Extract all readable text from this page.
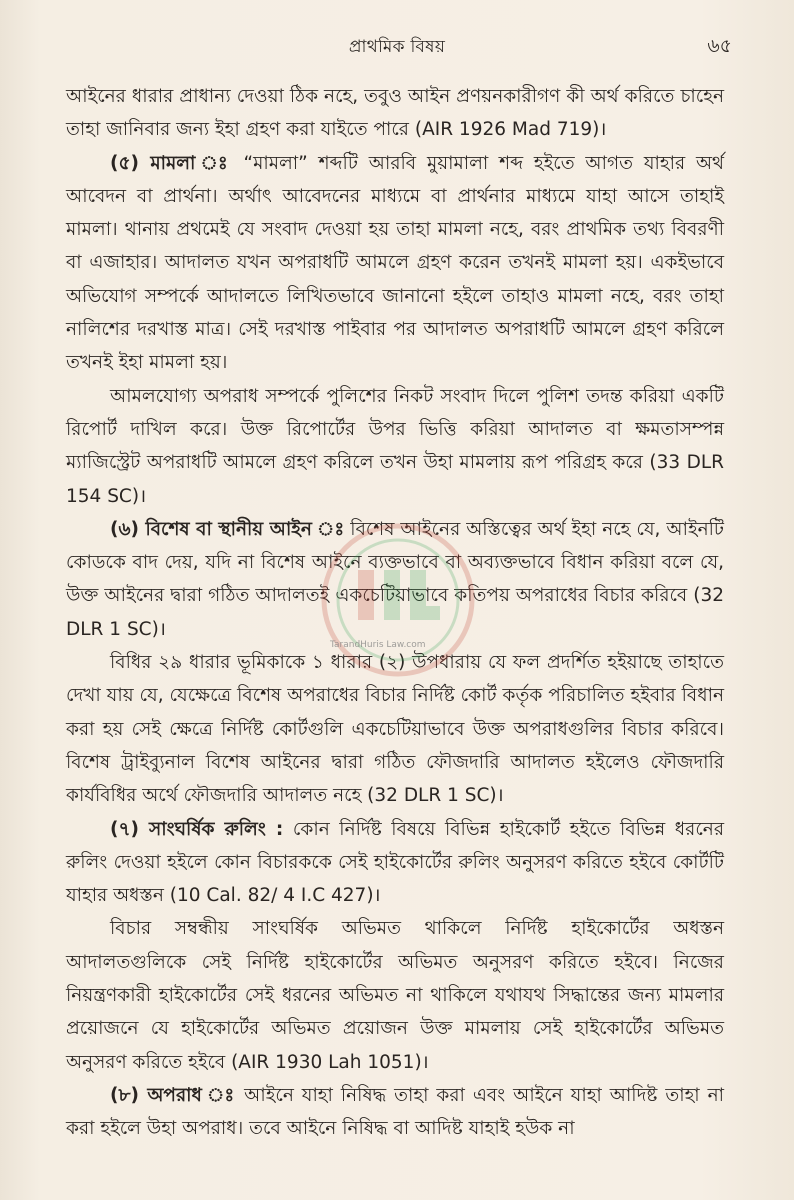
প্রাথমিক বিষয়	৬৫

আইনের ধারার প্রাধান্য দেওয়া ঠিক নহে, তবুও আইন প্রণয়নকারীগণ কী অর্থ করিতে চাহেন তাহা জানিবার জন্য ইহা গ্রহণ করা যাইতে পারে (AIR 1926 Mad 719)।

(৫) মামলা ঃ “মামলা” শব্দটি আরবি মুয়ামালা শব্দ হইতে আগত যাহার অর্থ আবেদন বা প্রার্থনা। অর্থাৎ আবেদনের মাধ্যমে বা প্রার্থনার মাধ্যমে যাহা আসে তাহাই মামলা। থানায় প্রথমেই যে সংবাদ দেওয়া হয় তাহা মামলা নহে, বরং প্রাথমিক তথ্য বিবরণী বা এজাহার। আদালত যখন অপরাধটি আমলে গ্রহণ করেন তখনই মামলা হয়। একইভাবে অভিযোগ সম্পর্কে আদালতে লিখিতভাবে জানানো হইলে তাহাও মামলা নহে, বরং তাহা নালিশের দরখাস্ত মাত্র। সেই দরখাস্ত পাইবার পর আদালত অপরাধটি আমলে গ্রহণ করিলে তখনই ইহা মামলা হয়।

আমলযোগ্য অপরাধ সম্পর্কে পুলিশের নিকট সংবাদ দিলে পুলিশ তদন্ত করিয়া একটি রিপোর্ট দাখিল করে। উক্ত রিপোর্টের উপর ভিত্তি করিয়া আদালত বা ক্ষমতাসম্পন্ন ম্যাজিস্ট্রেট অপরাধটি আমলে গ্রহণ করিলে তখন উহা মামলায় রূপ পরিগ্রহ করে (33 DLR 154 SC)।

(৬) বিশেষ বা স্থানীয় আইন ঃ বিশেষ আইনের অস্তিত্বের অর্থ ইহা নহে যে, আইনটি কোডকে বাদ দেয়, যদি না বিশেষ আইনে ব্যক্তভাবে বা অব্যক্তভাবে বিধান করিয়া বলে যে, উক্ত আইনের দ্বারা গঠিত আদালতই একচেটিয়াভাবে কতিপয় অপরাধের বিচার করিবে (32 DLR 1 SC)।

বিধির ২৯ ধারার ভূমিকাকে ১ ধারার (২) উপধারায় যে ফল প্রদর্শিত হইয়াছে তাহাতে দেখা যায় যে, যেক্ষেত্রে বিশেষ অপরাধের বিচার নির্দিষ্ট কোর্ট কর্তৃক পরিচালিত হইবার বিধান করা হয় সেই ক্ষেত্রে নির্দিষ্ট কোর্টগুলি একচেটিয়াভাবে উক্ত অপরাধগুলির বিচার করিবে। বিশেষ ট্রাইব্যুনাল বিশেষ আইনের দ্বারা গঠিত ফৌজদারি আদালত হইলেও ফৌজদারি কার্যবিধির অর্থে ফৌজদারি আদালত নহে (32 DLR 1 SC)।

(৭) সাংঘর্ষিক রুলিং : কোন নির্দিষ্ট বিষয়ে বিভিন্ন হাইকোর্ট হইতে বিভিন্ন ধরনের রুলিং দেওয়া হইলে কোন বিচারককে সেই হাইকোর্টের রুলিং অনুসরণ করিতে হইবে কোর্টটি যাহার অধস্তন (10 Cal. 82/ 4 I.C 427)।

বিচার সম্বন্ধীয় সাংঘর্ষিক অভিমত থাকিলে নির্দিষ্ট হাইকোর্টের অধস্তন আদালতগুলিকে সেই নির্দিষ্ট হাইকোর্টের অভিমত অনুসরণ করিতে হইবে। নিজের নিয়ন্ত্রণকারী হাইকোর্টের সেই ধরনের অভিমত না থাকিলে যথাযথ সিদ্ধান্তের জন্য মামলার প্রয়োজনে যে হাইকোর্টের অভিমত প্রয়োজন উক্ত মামলায় সেই হাইকোর্টের অভিমত অনুসরণ করিতে হইবে (AIR 1930 Lah 1051)।

(৮) অপরাধ ঃ আইনে যাহা নিষিদ্ধ তাহা করা এবং আইনে যাহা আদিষ্ট তাহা না করা হইলে উহা অপরাধ। তবে আইনে নিষিদ্ধ বা আদিষ্ট যাহাই হউক না

TarandHuris Law.com
